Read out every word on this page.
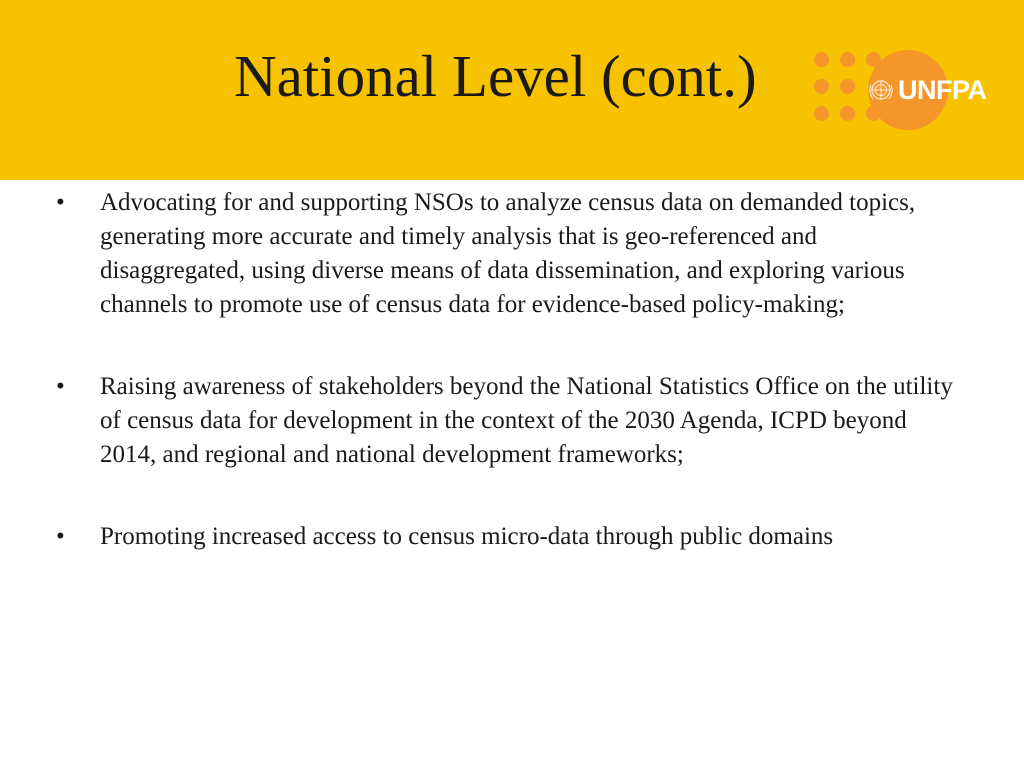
National Level (cont.)	UNFPA
•	Advocating for and supporting NSOs to analyze census data on demanded topics, generating more accurate and timely analysis that is geo-referenced and disaggregated, using diverse means of data dissemination, and exploring various channels to promote use of census data for evidence-based policy-making;
•	Raising awareness of stakeholders beyond the National Statistics Office on the utility of census data for development in the context of the 2030 Agenda, ICPD beyond 2014, and regional and national development frameworks;
•	Promoting increased access to census micro-data through public domains
